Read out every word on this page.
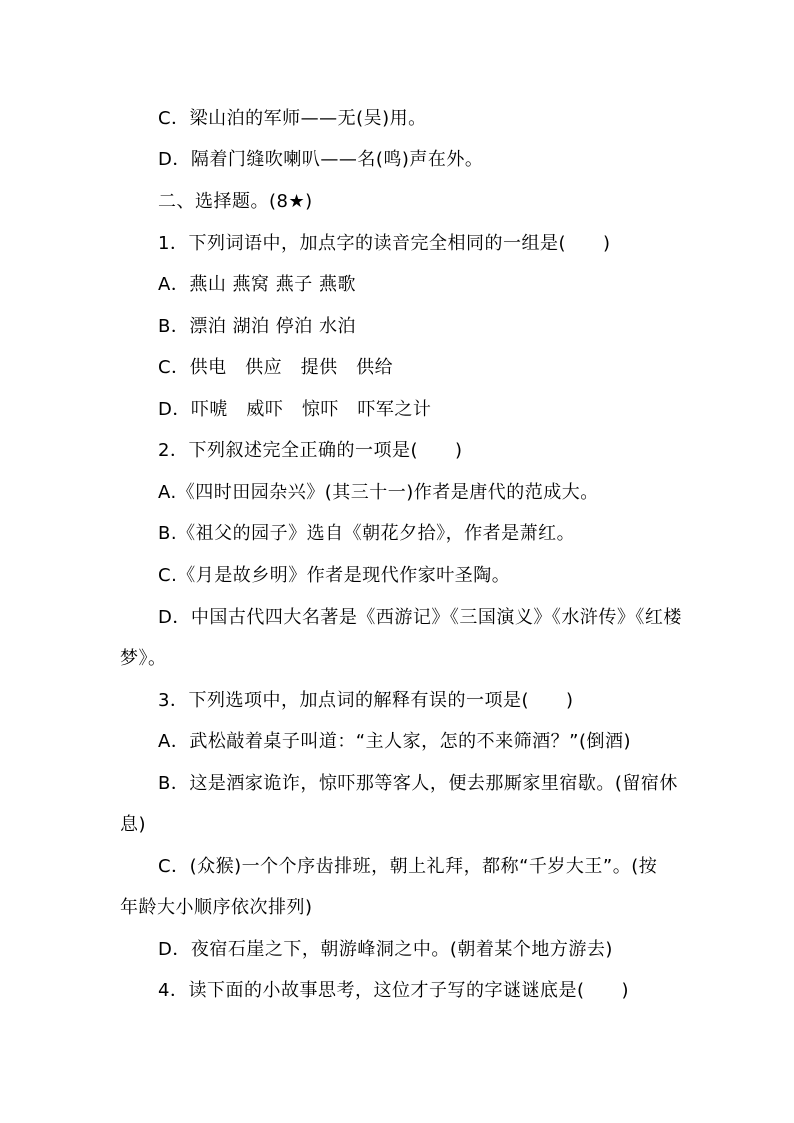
C．梁山泊的军师——无(吴)用。
D．隔着门缝吹喇叭——名(鸣)声在外。
二、选择题。(8★)
1．下列词语中，加点字的读音完全相同的一组是(　　)
A．燕山 燕窝 燕子 燕歌
B．漂泊 湖泊 停泊 水泊
C．供电　供应　提供　供给
D．吓唬　威吓　惊吓　吓军之计
2．下列叙述完全正确的一项是(　　)
A.《四时田园杂兴》(其三十一)作者是唐代的范成大。
B.《祖父的园子》选自《朝花夕拾》，作者是萧红。
C.《月是故乡明》作者是现代作家叶圣陶。
D．中国古代四大名著是《西游记》《三国演义》《水浒传》《红楼
梦》。
3．下列选项中，加点词的解释有误的一项是(　　)
A．武松敲着桌子叫道：“主人家，怎的不来筛酒？”(倒酒)
B．这是酒家诡诈，惊吓那等客人，便去那厮家里宿歇。(留宿休
息)
C．(众猴)一个个序齿排班，朝上礼拜，都称“千岁大王”。(按
年龄大小顺序依次排列)
D．夜宿石崖之下，朝游峰洞之中。(朝着某个地方游去)
4．读下面的小故事思考，这位才子写的字谜谜底是(　　)
